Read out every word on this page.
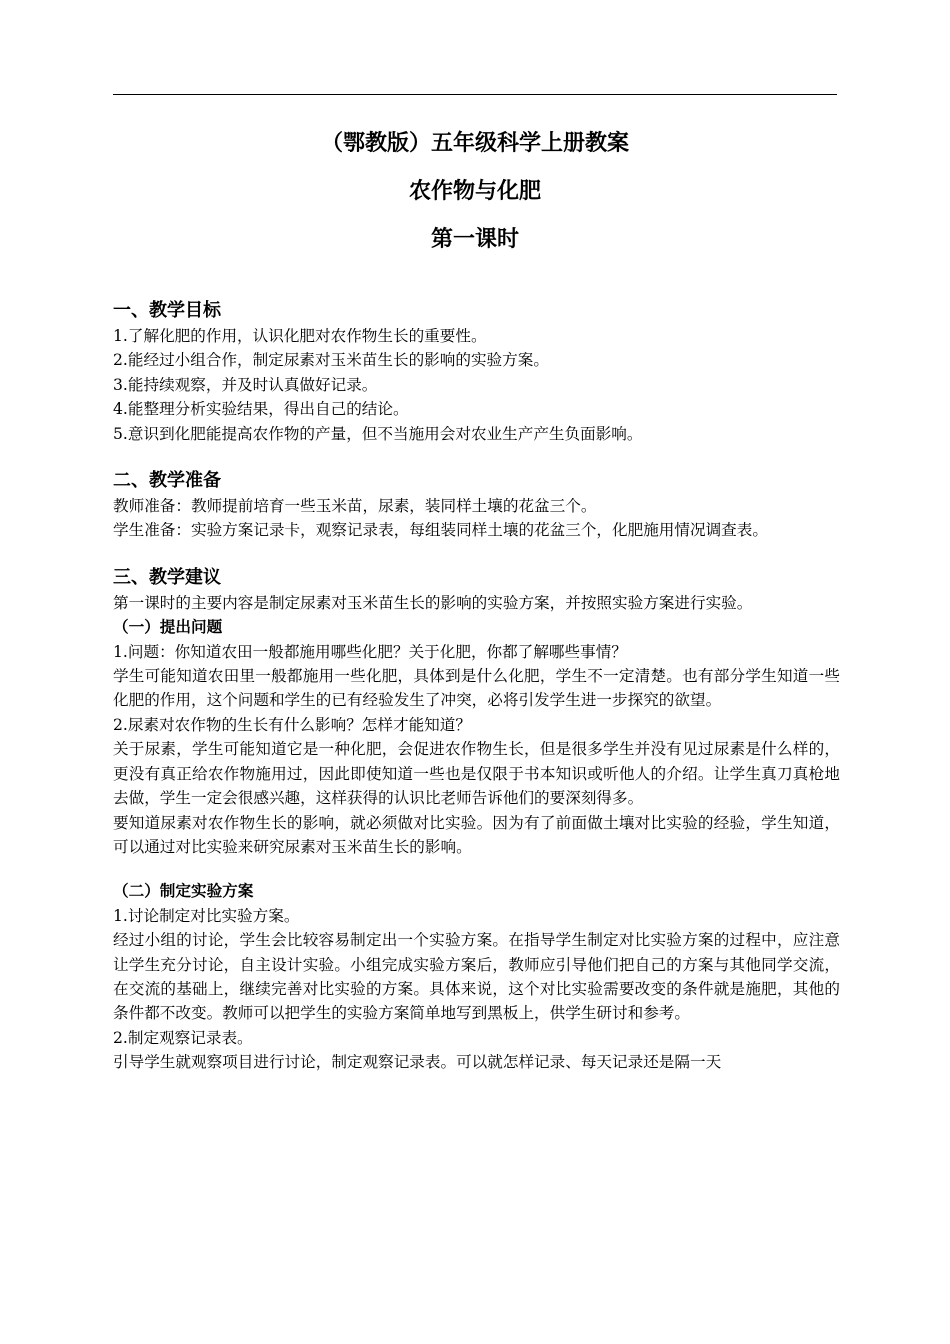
（鄂教版）五年级科学上册教案
农作物与化肥
第一课时
一、教学目标

1.了解化肥的作用，认识化肥对农作物生长的重要性。

2.能经过小组合作，制定尿素对玉米苗生长的影响的实验方案。

3.能持续观察，并及时认真做好记录。

4.能整理分析实验结果，得出自己的结论。

5.意识到化肥能提高农作物的产量，但不当施用会对农业生产产生负面影响。

二、教学准备

教师准备：教师提前培育一些玉米苗，尿素，装同样土壤的花盆三个。

学生准备：实验方案记录卡，观察记录表，每组装同样土壤的花盆三个，化肥施用情况调查表。

三、教学建议

第一课时的主要内容是制定尿素对玉米苗生长的影响的实验方案，并按照实验方案进行实验。

（一）提出问题

1.问题：你知道农田一般都施用哪些化肥？关于化肥，你都了解哪些事情？

学生可能知道农田里一般都施用一些化肥，具体到是什么化肥，学生不一定清楚。也有部分学生知道一些化肥的作用，这个问题和学生的已有经验发生了冲突，必将引发学生进一步探究的欲望。

2.尿素对农作物的生长有什么影响？怎样才能知道？

关于尿素，学生可能知道它是一种化肥，会促进农作物生长，但是很多学生并没有见过尿素是什么样的，更没有真正给农作物施用过，因此即使知道一些也是仅限于书本知识或听他人的介绍。让学生真刀真枪地去做，学生一定会很感兴趣，这样获得的认识比老师告诉他们的要深刻得多。

要知道尿素对农作物生长的影响，就必须做对比实验。因为有了前面做土壤对比实验的经验，学生知道，可以通过对比实验来研究尿素对玉米苗生长的影响。

（二）制定实验方案

1.讨论制定对比实验方案。

经过小组的讨论，学生会比较容易制定出一个实验方案。在指导学生制定对比实验方案的过程中，应注意让学生充分讨论，自主设计实验。小组完成实验方案后，教师应引导他们把自己的方案与其他同学交流，在交流的基础上，继续完善对比实验的方案。具体来说，这个对比实验需要改变的条件就是施肥，其他的条件都不改变。教师可以把学生的实验方案简单地写到黑板上，供学生研讨和参考。

2.制定观察记录表。

引导学生就观察项目进行讨论，制定观察记录表。可以就怎样记录、每天记录还是隔一天
